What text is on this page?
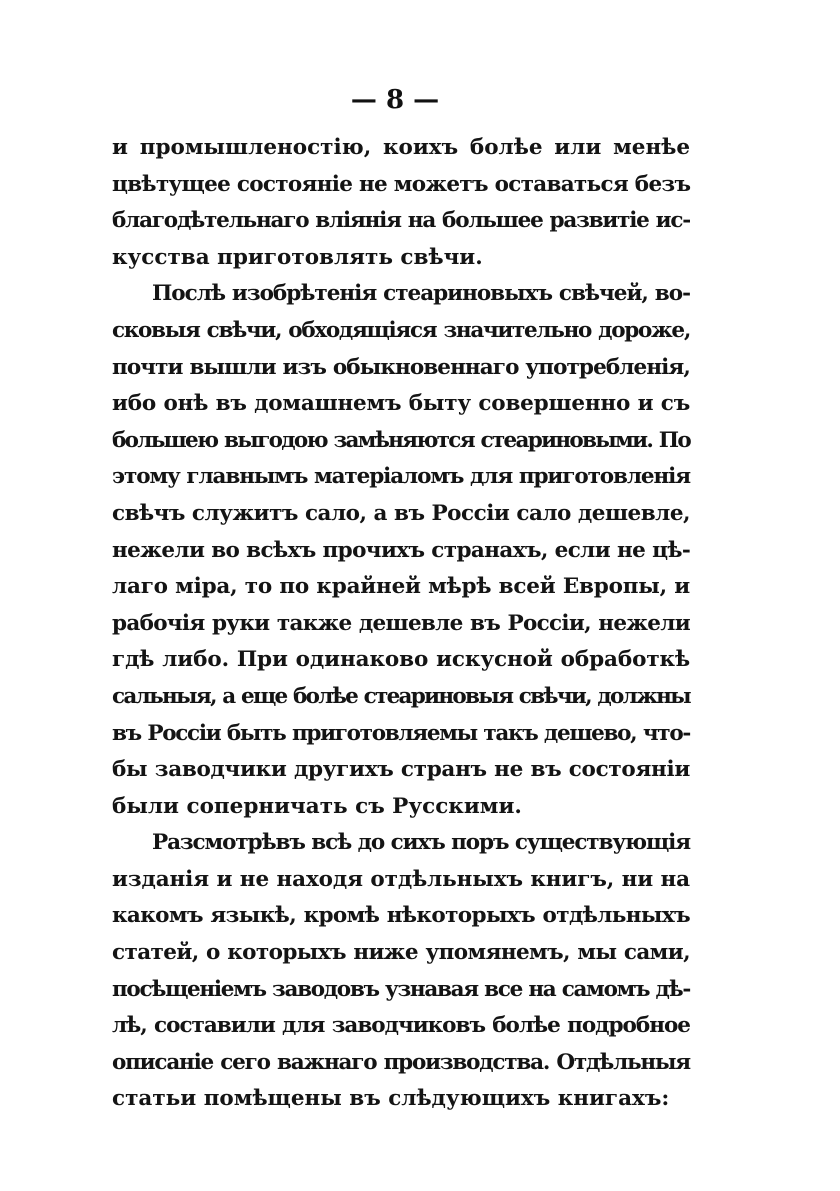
— 8 —
и промышленостію, коихъ болѣе или менѣе
цвѣтущее состояніе не можетъ оставаться безъ
благодѣтельнаго вліянія на большее развитіе ис-
кусства приготовлять свѣчи.
Послѣ изобрѣтенія стеариновыхъ свѣчей, во-
сковыя свѣчи, обходящіяся значительно дороже,
почти вышли изъ обыкновеннаго употребленія,
ибо онѣ въ домашнемъ быту совершенно и съ
большею выгодою замѣняются стеариновыми. По
этому главнымъ матеріаломъ для приготовленія
свѣчъ служитъ сало, а въ Россіи сало дешевле,
нежели во всѣхъ прочихъ странахъ, если не цѣ-
лаго міра, то по крайней мѣрѣ всей Европы, и
рабочія руки также дешевле въ Россіи, нежели
гдѣ либо. При одинаково искусной обработкѣ
сальныя, а еще болѣе стеариновыя свѣчи, должны
въ Россіи быть приготовляемы такъ дешево, что-
бы заводчики другихъ странъ не въ состояніи
были соперничать съ Русскими.
Разсмотрѣвъ всѣ до сихъ поръ существующія
изданія и не находя отдѣльныхъ книгъ, ни на
какомъ языкѣ, кромѣ нѣкоторыхъ отдѣльныхъ
статей, о которыхъ ниже упомянемъ, мы сами,
посѣщеніемъ заводовъ узнавая все на самомъ дѣ-
лѣ, составили для заводчиковъ болѣе подробное
описаніе сего важнаго производства. Отдѣльныя
статьи помѣщены въ слѣдующихъ книгахъ:
